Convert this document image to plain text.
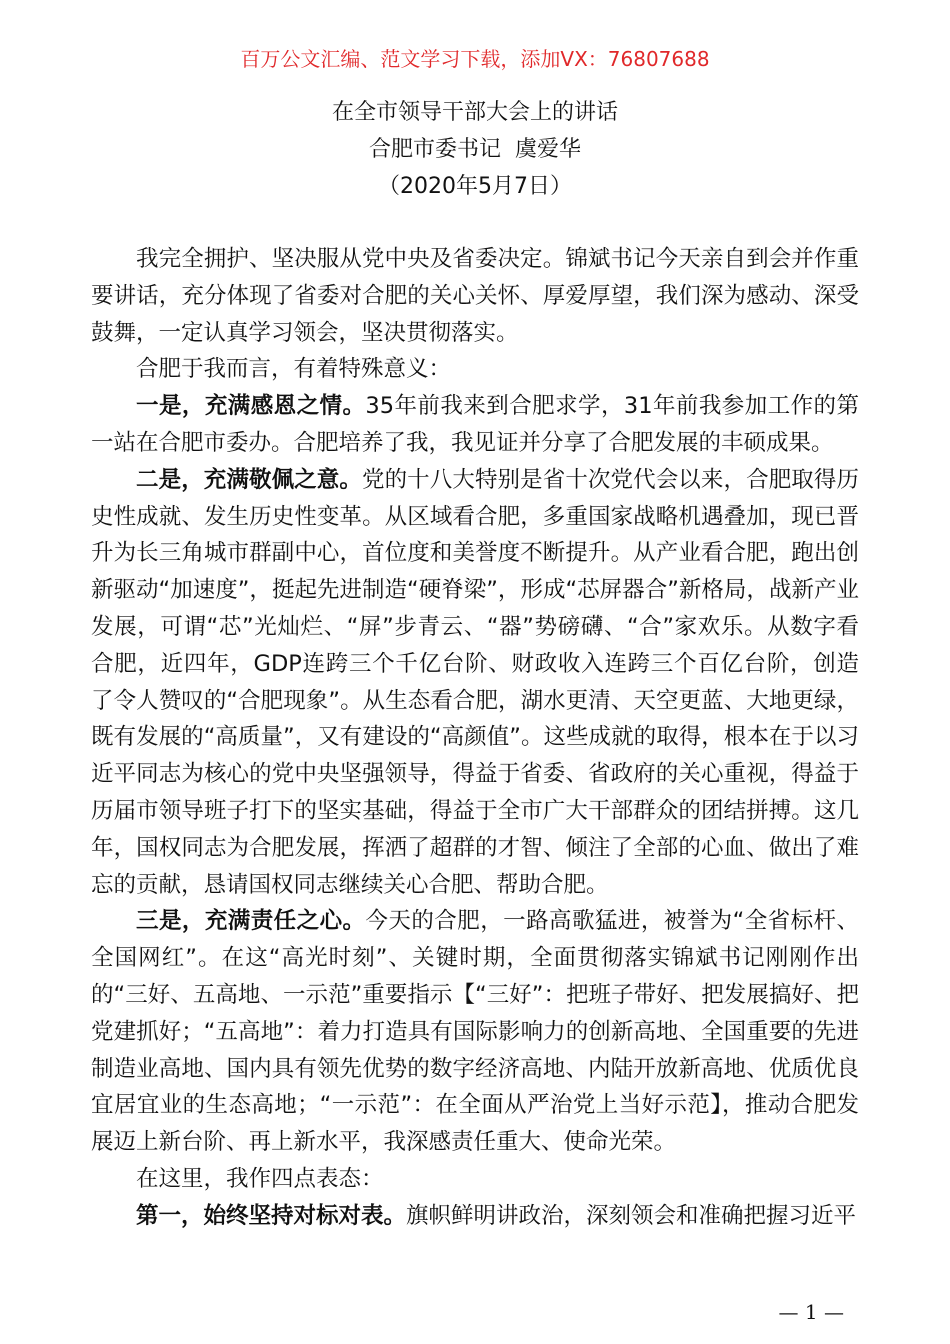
百万公文汇编、范文学习下载，添加VX：76807688
在全市领导干部大会上的讲话
合肥市委书记  虞爱华
（2020年5月7日）

我完全拥护、坚决服从党中央及省委决定。锦斌书记今天亲自到会并作重要讲话，充分体现了省委对合肥的关心关怀、厚爱厚望，我们深为感动、深受鼓舞，一定认真学习领会，坚决贯彻落实。

合肥于我而言，有着特殊意义：

一是，充满感恩之情。35年前我来到合肥求学，31年前我参加工作的第一站在合肥市委办。合肥培养了我，我见证并分享了合肥发展的丰硕成果。

二是，充满敬佩之意。党的十八大特别是省十次党代会以来，合肥取得历史性成就、发生历史性变革。从区域看合肥，多重国家战略机遇叠加，现已晋升为长三角城市群副中心，首位度和美誉度不断提升。从产业看合肥，跑出创新驱动“加速度”，挺起先进制造“硬脊梁”，形成“芯屏器合”新格局，战新产业发展，可谓“芯”光灿烂、“屏”步青云、“器”势磅礴、“合”家欢乐。从数字看合肥，近四年，GDP连跨三个千亿台阶、财政收入连跨三个百亿台阶，创造了令人赞叹的“合肥现象”。从生态看合肥，湖水更清、天空更蓝、大地更绿，既有发展的“高质量”，又有建设的“高颜值”。这些成就的取得，根本在于以习近平同志为核心的党中央坚强领导，得益于省委、省政府的关心重视，得益于历届市领导班子打下的坚实基础，得益于全市广大干部群众的团结拼搏。这几年，国权同志为合肥发展，挥洒了超群的才智、倾注了全部的心血、做出了难忘的贡献，恳请国权同志继续关心合肥、帮助合肥。

三是，充满责任之心。今天的合肥，一路高歌猛进，被誉为“全省标杆、全国网红”。在这“高光时刻”、关键时期，全面贯彻落实锦斌书记刚刚作出的“三好、五高地、一示范”重要指示【“三好”：把班子带好、把发展搞好、把党建抓好；“五高地”：着力打造具有国际影响力的创新高地、全国重要的先进制造业高地、国内具有领先优势的数字经济高地、内陆开放新高地、优质优良宜居宜业的生态高地；“一示范”：在全面从严治党上当好示范】，推动合肥发展迈上新台阶、再上新水平，我深感责任重大、使命光荣。

在这里，我作四点表态：

第一，始终坚持对标对表。旗帜鲜明讲政治，深刻领会和准确把握习近平

— 1 —
